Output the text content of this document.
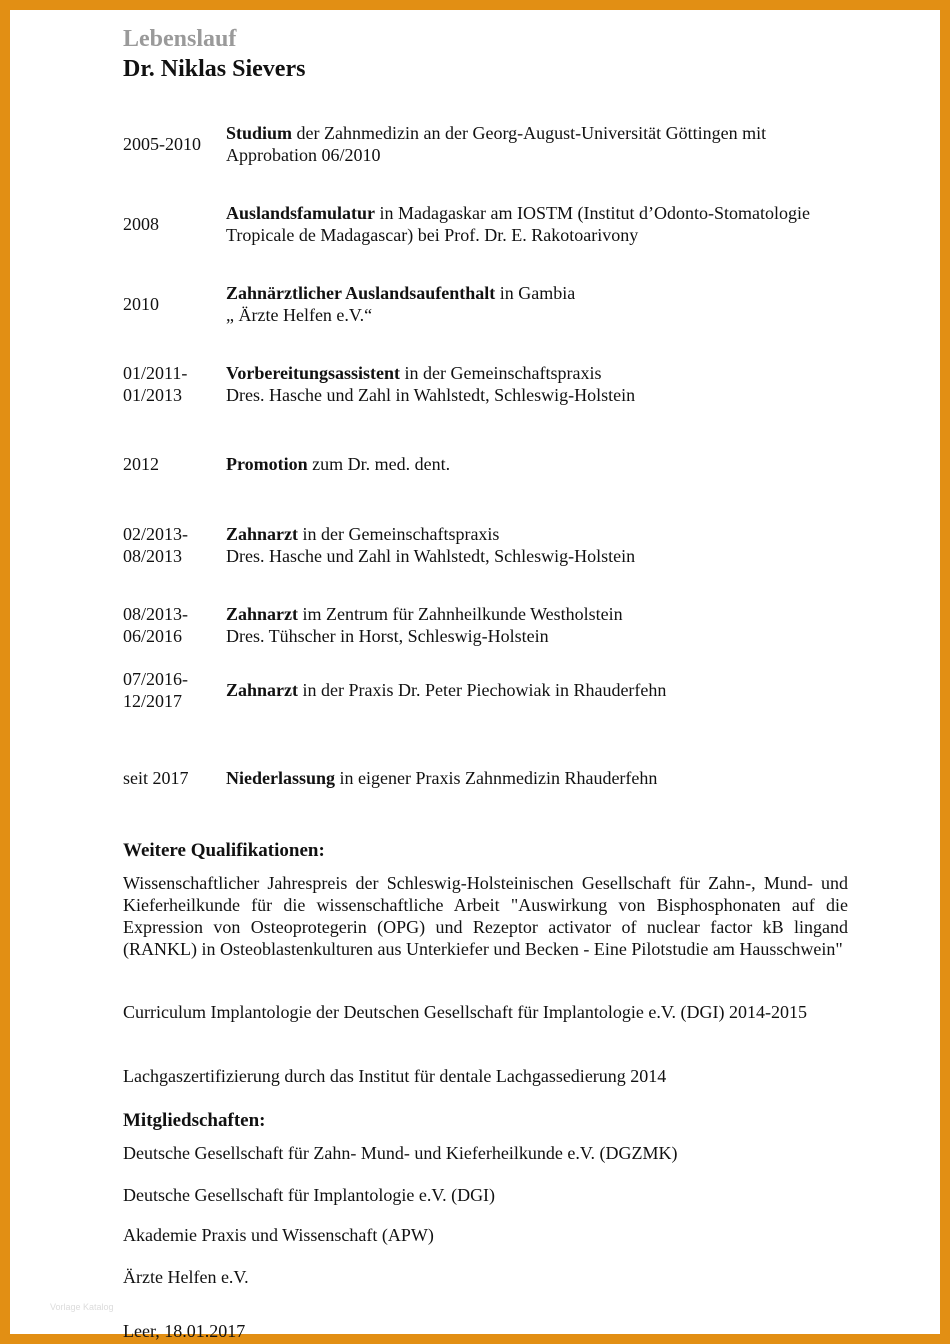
Lebenslauf

Dr. Niklas Sievers

2005-2010
Studium der Zahnmedizin an der Georg-August-Universität Göttingen mit
Approbation 06/2010
2008
Auslandsfamulatur in Madagaskar am IOSTM (Institut d’Odonto-Stomatologie
Tropicale de Madagascar) bei Prof. Dr. E. Rakotoarivony
2010
Zahnärztlicher Auslandsaufenthalt in Gambia
„ Ärzte Helfen e.V.“
01/2011-
01/2013
Vorbereitungsassistent in der Gemeinschaftspraxis
Dres. Hasche und Zahl in Wahlstedt, Schleswig-Holstein
2012	Promotion zum Dr. med. dent.
02/2013-
08/2013
Zahnarzt in der Gemeinschaftspraxis
Dres. Hasche und Zahl in Wahlstedt, Schleswig-Holstein
08/2013-
06/2016
Zahnarzt im Zentrum für Zahnheilkunde Westholstein
Dres. Tühscher in Horst, Schleswig-Holstein
07/2016-
12/2017
Zahnarzt in der Praxis Dr. Peter Piechowiak in Rhauderfehn
seit 2017	Niederlassung in eigener Praxis Zahnmedizin Rhauderfehn

Weitere Qualifikationen:

Wissenschaftlicher Jahrespreis der Schleswig-Holsteinischen Gesellschaft für Zahn-, Mund- und Kieferheilkunde für die wissenschaftliche Arbeit "Auswirkung von Bisphosphonaten auf die Expression von Osteoprotegerin (OPG) und Rezeptor activator of nuclear factor kB lingand (RANKL) in Osteoblastenkulturen aus Unterkiefer und Becken - Eine Pilotstudie am Hausschwein"

Curriculum Implantologie der Deutschen Gesellschaft für Implantologie e.V. (DGI) 2014-2015

Lachgaszertifizierung durch das Institut für dentale Lachgassedierung 2014

Mitgliedschaften:

Deutsche Gesellschaft für Zahn- Mund- und Kieferheilkunde e.V. (DGZMK)

Deutsche Gesellschaft für Implantologie e.V. (DGI)

Akademie Praxis und Wissenschaft (APW)

Ärzte Helfen e.V.

Leer, 18.01.2017

Vorlage Katalog
